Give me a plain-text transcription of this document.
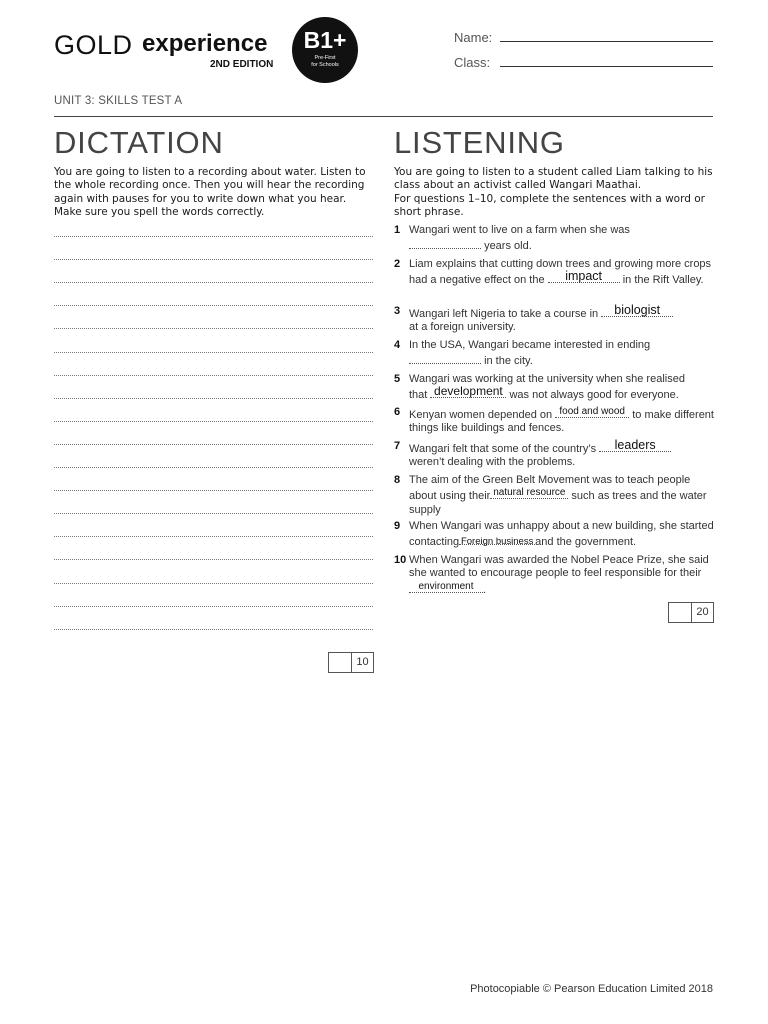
GOLD experience
2ND EDITION
B1+
Pre-First
for Schools
Name:
Class:
UNIT 3: SKILLS TEST A
DICTATION
You are going to listen to a recording about water. Listen to the whole recording once. Then you will hear the recording again with pauses for you to write down what you hear. Make sure you spell the words correctly.
10
LISTENING
You are going to listen to a student called Liam talking to his class about an activist called Wangari Maathai.
For questions 1–10, complete the sentences with a word or short phrase.
1 Wangari went to live on a farm when she was

years old.
2 Liam explains that cutting down trees and growing more crops had a negative effect on the	impact	in the Rift Valley.
3 Wangari left Nigeria to take a course in	biologist

at a foreign university.
4 In the USA, Wangari became interested in ending

in the city.
5 Wangari was working at the university when she realised
that development was not always good for everyone.
6 Kenyan women depended on food and wood to make different things like buildings and fences.
7 Wangari felt that some of the country’s	leaders

weren’t dealing with the problems.
8 The aim of the Green Belt Movement was to teach people about using their natural resource such as trees and the water supply
9 When Wangari was unhappy about a new building, she started contacting Foreign business and the government.
10 When Wangari was awarded the Nobel Peace Prize, she said she wanted to encourage people to feel responsible for their
environment .
20
Photocopiable © Pearson Education Limited 2018
